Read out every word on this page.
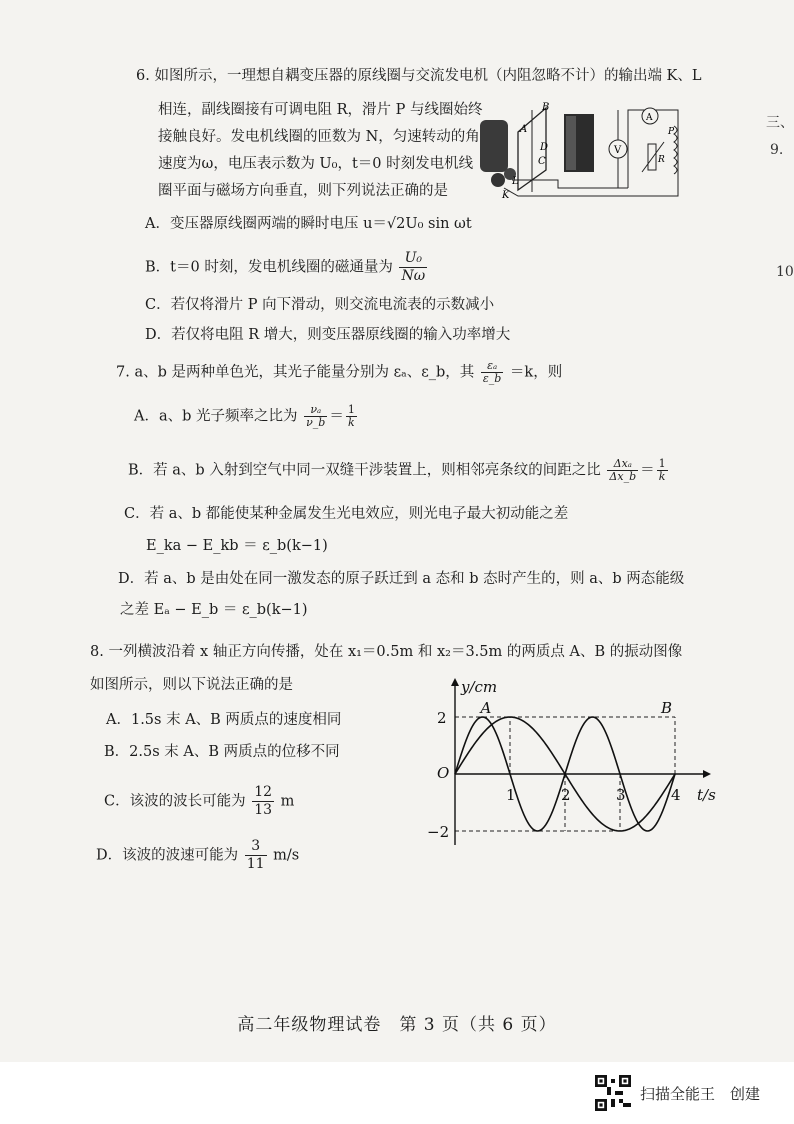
6. 如图所示，一理想自耦变压器的原线圈与交流发电机（内阻忽略不计）的输出端 K、L
相连，副线圈接有可调电阻 R，滑片 P 与线圈始终
接触良好。发电机线圈的匝数为 N，匀速转动的角
速度为ω，电压表示数为 U₀，t＝0 时刻发电机线
圈平面与磁场方向垂直，则下列说法正确的是
B
A
D
C
L
K
V
A
R
P
A．变压器原线圈两端的瞬时电压 u＝√2U₀ sin ωt
B．t＝0 时刻，发电机线圈的磁通量为 $\frac{\text{U₀}}{N\omega}$
C．若仅将滑片 P 向下滑动，则交流电流表的示数减小
D．若仅将电阻 R 增大，则变压器原线圈的输入功率增大
7. a、b 是两种单色光，其光子能量分别为 εₐ、ε_b，其 $\frac{\text{εₐ}}{\varepsilon\_b} =k$，则
A．a、b 光子频率之比为 $\frac{\text{νₐ}}{\nu\_b} = \frac{1}{k}$
B．若 a、b 入射到空气中同一双缝干涉装置上，则相邻亮条纹的间距之比 $\frac{\text{Δxₐ}}{\Delta x\_b} = \frac{1}{k}$
C．若 a、b 都能使某种金属发生光电效应，则光电子最大初动能之差
E_ka − E_kb ＝ ε_b(k−1)
D．若 a、b 是由处在同一激发态的原子跃迁到 a 态和 b 态时产生的，则 a、b 两态能级
之差 Eₐ − E_b ＝ ε_b(k−1)
8. 一列横波沿着 x 轴正方向传播，处在 x₁＝0.5m 和 x₂＝3.5m 的两质点 A、B 的振动图像
如图所示，则以下说法正确的是
A．1.5s 末 A、B 两质点的速度相同
B．2.5s 末 A、B 两质点的位移不同
C．该波的波长可能为 $\frac{12}{13}$ m
D．该波的波速可能为 $\frac{3}{11} m/s$
y/cm
t/s
O
2
−2
1	2	3	4
A	B
三、
9.
10
高二年级物理试卷　第 3 页（共 6 页）
扫描全能王　创建
